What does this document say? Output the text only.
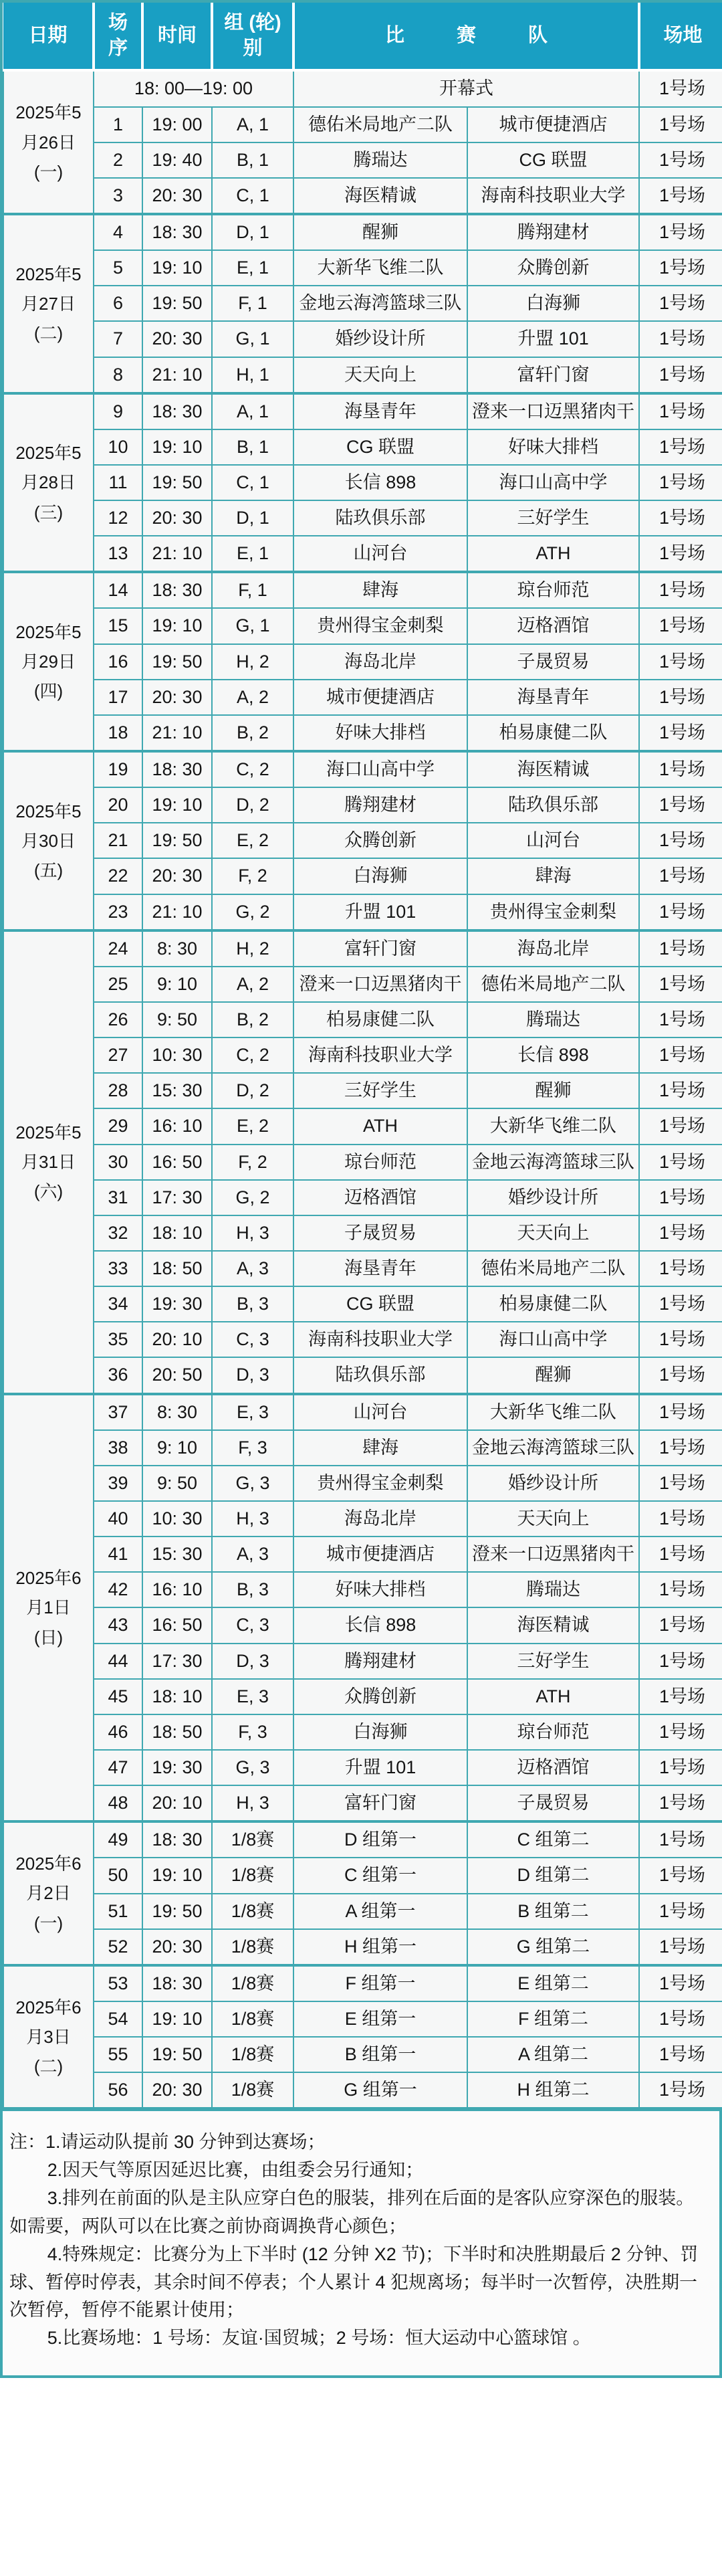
日期	场序	时间	组 (轮)别	比 赛 队		场地
2025年5月26日(一)	18: 00—19: 00			开幕式		1号场
	1	19: 00	A, 1	德佑米局地产二队	城市便捷酒店	1号场
	2	19: 40	B, 1	腾瑞达	CG 联盟	1号场
	3	20: 30	C, 1	海医精诚	海南科技职业大学	1号场
2025年5月27日(二)	4	18: 30	D, 1	醒狮	腾翔建材	1号场
	5	19: 10	E, 1	大新华飞维二队	众腾创新	1号场
	6	19: 50	F, 1	金地云海湾篮球三队	白海狮	1号场
	7	20: 30	G, 1	婚纱设计所	升盟 101	1号场
	8	21: 10	H, 1	天天向上	富轩门窗	1号场
2025年5月28日(三)	9	18: 30	A, 1	海垦青年	澄来一口迈黑猪肉干	1号场
	10	19: 10	B, 1	CG 联盟	好味大排档	1号场
	11	19: 50	C, 1	长信 898	海口山高中学	1号场
	12	20: 30	D, 1	陆玖俱乐部	三好学生	1号场
	13	21: 10	E, 1	山河台	ATH	1号场
2025年5月29日(四)	14	18: 30	F, 1	肆海	琼台师范	1号场
	15	19: 10	G, 1	贵州得宝金刺梨	迈格酒馆	1号场
	16	19: 50	H, 2	海岛北岸	子晟贸易	1号场
	17	20: 30	A, 2	城市便捷酒店	海垦青年	1号场
	18	21: 10	B, 2	好味大排档	柏易康健二队	1号场
2025年5月30日(五)	19	18: 30	C, 2	海口山高中学	海医精诚	1号场
	20	19: 10	D, 2	腾翔建材	陆玖俱乐部	1号场
	21	19: 50	E, 2	众腾创新	山河台	1号场
	22	20: 30	F, 2	白海狮	肆海	1号场
	23	21: 10	G, 2	升盟 101	贵州得宝金刺梨	1号场
2025年5月31日(六)	24	8: 30	H, 2	富轩门窗	海岛北岸	1号场
	25	9: 10	A, 2	澄来一口迈黑猪肉干	德佑米局地产二队	1号场
	26	9: 50	B, 2	柏易康健二队	腾瑞达	1号场
	27	10: 30	C, 2	海南科技职业大学	长信 898	1号场
	28	15: 30	D, 2	三好学生	醒狮	1号场
	29	16: 10	E, 2	ATH	大新华飞维二队	1号场
	30	16: 50	F, 2	琼台师范	金地云海湾篮球三队	1号场
	31	17: 30	G, 2	迈格酒馆	婚纱设计所	1号场
	32	18: 10	H, 3	子晟贸易	天天向上	1号场
	33	18: 50	A, 3	海垦青年	德佑米局地产二队	1号场
	34	19: 30	B, 3	CG 联盟	柏易康健二队	1号场
	35	20: 10	C, 3	海南科技职业大学	海口山高中学	1号场
	36	20: 50	D, 3	陆玖俱乐部	醒狮	1号场
2025年6月1日(日)	37	8: 30	E, 3	山河台	大新华飞维二队	1号场
	38	9: 10	F, 3	肆海	金地云海湾篮球三队	1号场
	39	9: 50	G, 3	贵州得宝金刺梨	婚纱设计所	1号场
	40	10: 30	H, 3	海岛北岸	天天向上	1号场
	41	15: 30	A, 3	城市便捷酒店	澄来一口迈黑猪肉干	1号场
	42	16: 10	B, 3	好味大排档	腾瑞达	1号场
	43	16: 50	C, 3	长信 898	海医精诚	1号场
	44	17: 30	D, 3	腾翔建材	三好学生	1号场
	45	18: 10	E, 3	众腾创新	ATH	1号场
	46	18: 50	F, 3	白海狮	琼台师范	1号场
	47	19: 30	G, 3	升盟 101	迈格酒馆	1号场
	48	20: 10	H, 3	富轩门窗	子晟贸易	1号场
2025年6月2日(一)	49	18: 30	1/8赛	D 组第一	C 组第二	1号场
	50	19: 10	1/8赛	C 组第一	D 组第二	1号场
	51	19: 50	1/8赛	A 组第一	B 组第二	1号场
	52	20: 30	1/8赛	H 组第一	G 组第二	1号场
2025年6月3日(二)	53	18: 30	1/8赛	F 组第一	E 组第二	1号场
	54	19: 10	1/8赛	E 组第一	F 组第二	1号场
	55	19: 50	1/8赛	B 组第一	A 组第二	1号场
	56	20: 30	1/8赛	G 组第一	H 组第二	1号场
注：1.请运动队提前 30 分钟到达赛场；
2.因天气等原因延迟比赛，由组委会另行通知；
3.排列在前面的队是主队应穿白色的服装，排列在后面的是客队应穿深色的服装。如需要，两队可以在比赛之前协商调换背心颜色；
4.特殊规定：比赛分为上下半时 (12 分钟 X2 节)；下半时和决胜期最后 2 分钟、罚球、暂停时停表，其余时间不停表；个人累计 4 犯规离场；每半时一次暂停，决胜期一次暂停，暂停不能累计使用；
5.比赛场地：1 号场：友谊·国贸城；2 号场：恒大运动中心篮球馆 。
